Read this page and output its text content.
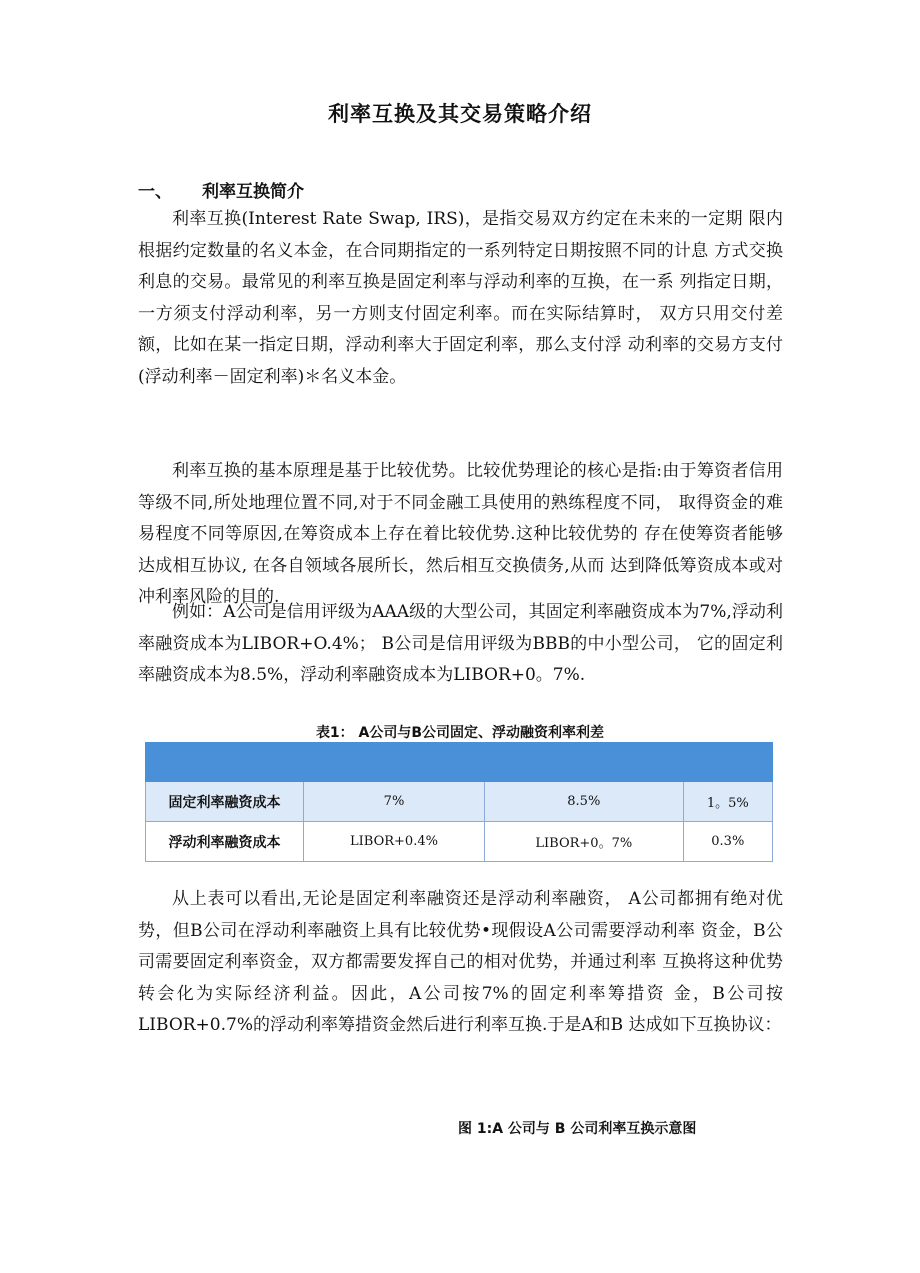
利率互换及其交易策略介绍
一、 利率互换简介

利率互换(Interest Rate Swap, IRS)，是指交易双方约定在未来的一定期 限内根据约定数量的名义本金，在合同期指定的一系列特定日期按照不同的计息 方式交换利息的交易。最常见的利率互换是固定利率与浮动利率的互换，在一系 列指定日期，一方须支付浮动利率，另一方则支付固定利率。而在实际结算时， 双方只用交付差额，比如在某一指定日期，浮动利率大于固定利率，那么支付浮 动利率的交易方支付(浮动利率－固定利率)＊名义本金。

利率互换的基本原理是基于比较优势。比较优势理论的核心是指:由于筹资者信用等级不同,所处地理位置不同,对于不同金融工具使用的熟练程度不同， 取得资金的难易程度不同等原因,在筹资成本上存在着比较优势.这种比较优势的 存在使筹资者能够达成相互协议, 在各自领域各展所长，然后相互交换债务,从而 达到降低筹资成本或对冲利率风险的目的.

例如：A公司是信用评级为AAA级的大型公司，其固定利率融资成本为7%,浮动利率融资成本为LIBOR+O.4%； B公司是信用评级为BBB的中小型公司， 它的固定利率融资成本为8.5%，浮动利率融资成本为LIBOR+0。7%.

表1： A公司与B公司固定、浮动融资利率利差

固定利率融资成本	7%	8.5%	1。5%
浮动利率融资成本	LIBOR+0.4%	LIBOR+0。7%	0.3%

从上表可以看出,无论是固定利率融资还是浮动利率融资， A公司都拥有绝对优势，但B公司在浮动利率融资上具有比较优势•现假设A公司需要浮动利率 资金，B公司需要固定利率资金，双方都需要发挥自己的相对优势，并通过利率 互换将这种优势转会化为实际经济利益。因此，A公司按7%的固定利率筹措资 金，B公司按LIBOR+0.7%的浮动利率筹措资金然后进行利率互换.于是A和B 达成如下互换协议：

图 1:A 公司与 B 公司利率互换示意图
